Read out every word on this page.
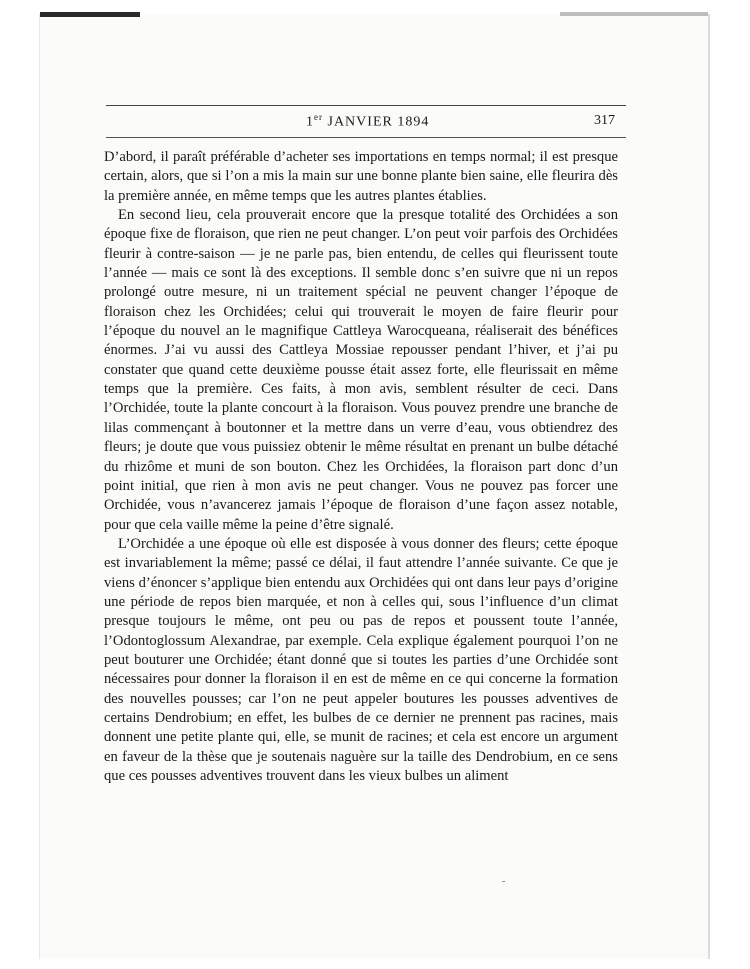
1er JANVIER 1894	317

D’abord, il paraît préférable d’acheter ses importations en temps normal; il est presque certain, alors, que si l’on a mis la main sur une bonne plante bien saine, elle fleurira dès la première année, en même temps que les autres plantes établies.

En second lieu, cela prouverait encore que la presque totalité des Orchidées a son époque fixe de floraison, que rien ne peut changer. L’on peut voir parfois des Orchidées fleurir à contre-saison — je ne parle pas, bien entendu, de celles qui fleurissent toute l’année — mais ce sont là des exceptions. Il semble donc s’en suivre que ni un repos prolongé outre mesure, ni un traitement spécial ne peuvent changer l’époque de floraison chez les Orchidées; celui qui trouverait le moyen de faire fleurir pour l’époque du nouvel an le magnifique Cattleya Warocqueana, réaliserait des bénéfices énormes. J’ai vu aussi des Cattleya Mossiae repousser pendant l’hiver, et j’ai pu constater que quand cette deuxième pousse était assez forte, elle fleurissait en même temps que la première. Ces faits, à mon avis, semblent résulter de ceci. Dans l’Orchidée, toute la plante concourt à la floraison. Vous pouvez prendre une branche de lilas commençant à boutonner et la mettre dans un verre d’eau, vous obtiendrez des fleurs; je doute que vous puissiez obtenir le même résultat en prenant un bulbe détaché du rhizôme et muni de son bouton. Chez les Orchidées, la floraison part donc d’un point initial, que rien à mon avis ne peut changer. Vous ne pouvez pas forcer une Orchidée, vous n’avancerez jamais l’époque de floraison d’une façon assez notable, pour que cela vaille même la peine d’être signalé.

L’Orchidée a une époque où elle est disposée à vous donner des fleurs; cette époque est invariablement la même; passé ce délai, il faut attendre l’année suivante. Ce que je viens d’énoncer s’applique bien entendu aux Orchidées qui ont dans leur pays d’origine une période de repos bien marquée, et non à celles qui, sous l’influence d’un climat presque toujours le même, ont peu ou pas de repos et poussent toute l’année, l’Odontoglossum Alexandrae, par exemple. Cela explique également pourquoi l’on ne peut bouturer une Orchidée; étant donné que si toutes les parties d’une Orchidée sont nécessaires pour donner la floraison il en est de même en ce qui concerne la formation des nouvelles pousses; car l’on ne peut appeler boutures les pousses adventives de certains Dendrobium; en effet, les bulbes de ce dernier ne prennent pas racines, mais donnent une petite plante qui, elle, se munit de racines; et cela est encore un argument en faveur de la thèse que je soutenais naguère sur la taille des Dendrobium, en ce sens que ces pousses adventives trouvent dans les vieux bulbes un aliment

-
